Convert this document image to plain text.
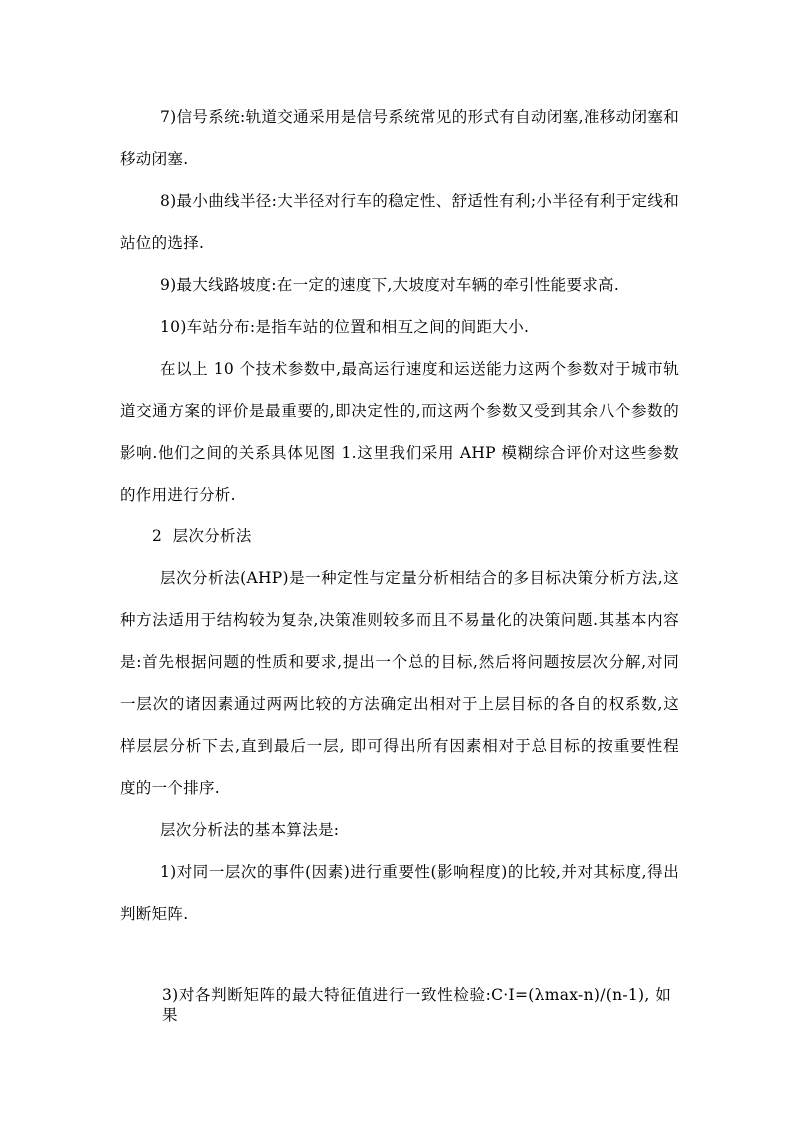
7)信号系统:轨道交通采用是信号系统常见的形式有自动闭塞,准移动闭塞和
移动闭塞.
8)最小曲线半径:大半径对行车的稳定性、舒适性有利;小半径有利于定线和
站位的选择.
9)最大线路坡度:在一定的速度下,大坡度对车辆的牵引性能要求高.
10)车站分布:是指车站的位置和相互之间的间距大小.
在以上 10 个技术参数中,最高运行速度和运送能力这两个参数对于城市轨
道交通方案的评价是最重要的,即决定性的,而这两个参数又受到其余八个参数的
影响.他们之间的关系具体见图 1.这里我们采用 AHP 模糊综合评价对这些参数
的作用进行分析.
2  层次分析法
层次分析法(AHP)是一种定性与定量分析相结合的多目标决策分析方法,这
种方法适用于结构较为复杂,决策准则较多而且不易量化的决策问题.其基本内容
是:首先根据问题的性质和要求,提出一个总的目标,然后将问题按层次分解,对同
一层次的诸因素通过两两比较的方法确定出相对于上层目标的各自的权系数,这
样层层分析下去,直到最后一层, 即可得出所有因素相对于总目标的按重要性程
度的一个排序.
层次分析法的基本算法是:
1)对同一层次的事件(因素)进行重要性(影响程度)的比较,并对其标度,得出
判断矩阵.
3)对各判断矩阵的最大特征值进行一致性检验:C·I=(λmax-n)/(n-1), 如果
